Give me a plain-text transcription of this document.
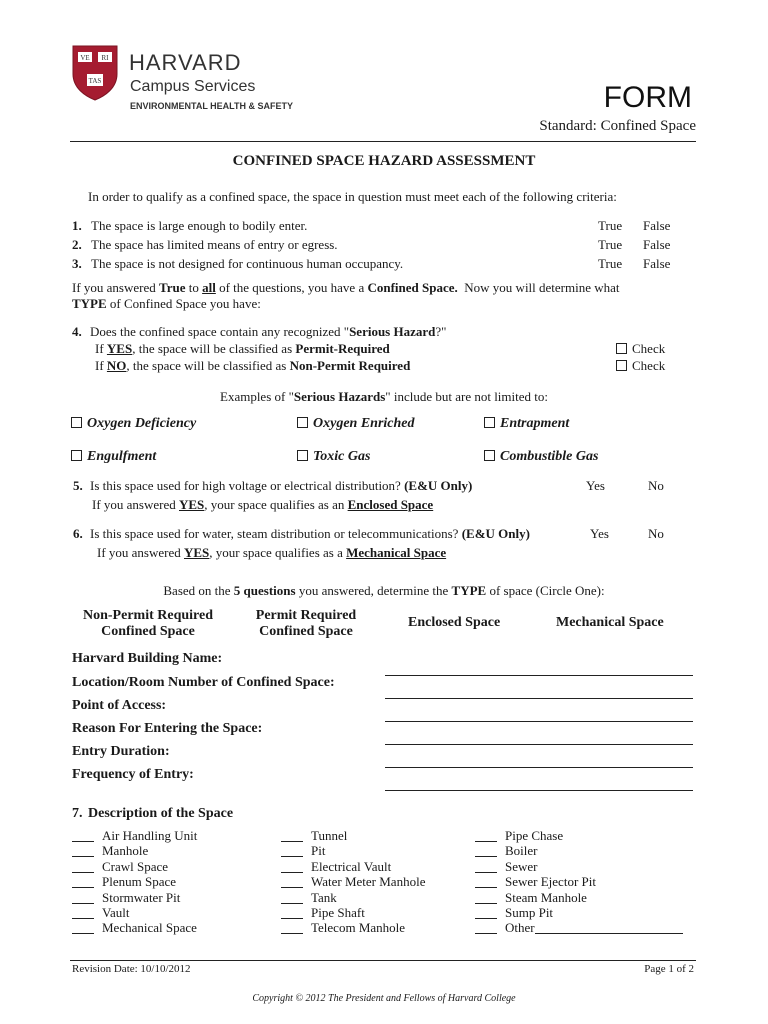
VE RI
TAS
HARVARD
Campus Services
ENVIRONMENTAL HEALTH & SAFETY	FORM
Standard: Confined Space
CONFINED SPACE HAZARD ASSESSMENT
In order to qualify as a confined space, the space in question must meet each of the following criteria:
1. The space is large enough to bodily enter.	True False
2. The space has limited means of entry or egress.	True False
3. The space is not designed for continuous human occupancy.	True False
If you answered True to all of the questions, you have a Confined Space.  Now you will determine what
TYPE of Confined Space you have:
4. Does the confined space contain any recognized "Serious Hazard?"
If YES, the space will be classified as Permit-Required
If NO, the space will be classified as Non-Permit Required
Check
Check
Examples of "Serious Hazards" include but are not limited to:
Oxygen Deficiency	Oxygen Enriched	Entrapment
Engulfment	Toxic Gas	Combustible Gas
5. Is this space used for high voltage or electrical distribution? (E&U Only)
If you answered YES, your space qualifies as an Enclosed Space
Yes	No
6. Is this space used for water, steam distribution or telecommunications? (E&U Only)
If you answered YES, your space qualifies as a Mechanical Space
Yes	No
Based on the 5 questions you answered, determine the TYPE of space (Circle One):
Non-Permit Required
Confined Space
Permit Required
Confined Space
Enclosed Space	Mechanical Space
Harvard Building Name:
Location/Room Number of Confined Space:
Point of Access:
Reason For Entering the Space:
Entry Duration:
Frequency of Entry:
7. Description of the Space
Air Handling Unit
Manhole
Crawl Space
Plenum Space
Stormwater Pit
Vault
Mechanical Space
Tunnel
Pit
Electrical Vault
Water Meter Manhole
Tank
Pipe Shaft
Telecom Manhole
Pipe Chase
Boiler
Sewer
Sewer Ejector Pit
Steam Manhole
Sump Pit
Other
Revision Date: 10/10/2012	Page 1 of 2
Copyright © 2012 The President and Fellows of Harvard College
